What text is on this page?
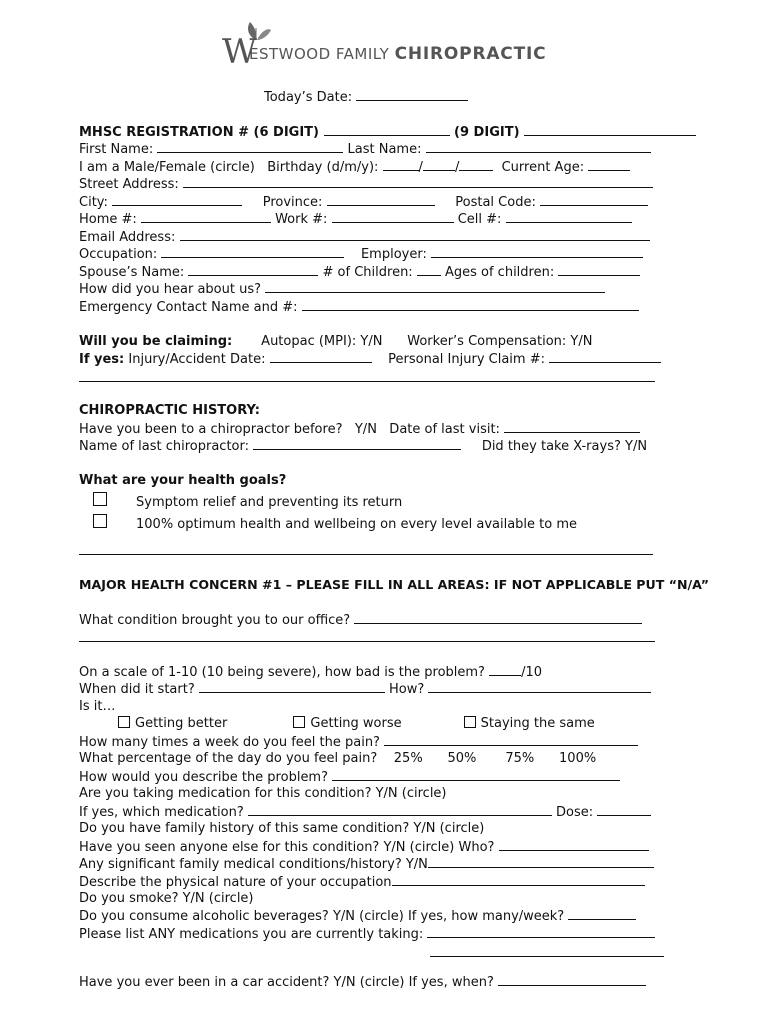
W
ESTWOOD FAMILY CHIROPRACTIC
Today’s Date:
MHSC REGISTRATION # (6 DIGIT)	(9 DIGIT)
First Name:	Last Name:
I am a Male/Female (circle)   Birthday (d/m/y):	/ /	Current Age:
Street Address:
City:	Province:	Postal Code:
Home #:	Work #:	Cell #:
Email Address:
Occupation:	Employer:
Spouse’s Name:	# of Children: Ages of children:
How did you hear about us?
Emergency Contact Name and #:
Will you be claiming: Autopac (MPI): Y/N Worker’s Compensation: Y/N
If yes: Injury/Accident Date:	Personal Injury Claim #:
CHIROPRACTIC HISTORY:
Have you been to a chiropractor before?   Y/N   Date of last visit:
Name of last chiropractor:	Did they take X-rays? Y/N
What are your health goals?
Symptom relief and preventing its return
100% optimum health and wellbeing on every level available to me
MAJOR HEALTH CONCERN #1 – PLEASE FILL IN ALL AREAS: IF NOT APPLICABLE PUT “N/A”
What condition brought you to our office?
On a scale of 1-10 (10 being severe), how bad is the problem?	/10
When did it start?	How?
Is it…
Getting better	Getting worse	Staying the same
How many times a week do you feel the pain?
What percentage of the day do you feel pain? 25% 50% 75% 100%
How would you describe the problem?
Are you taking medication for this condition? Y/N (circle)
If yes, which medication?	Dose:
Do you have family history of this same condition? Y/N (circle)
Have you seen anyone else for this condition? Y/N (circle) Who?
Any significant family medical conditions/history? Y/N
Describe the physical nature of your occupation
Do you smoke? Y/N (circle)
Do you consume alcoholic beverages? Y/N (circle) If yes, how many/week?
Please list ANY medications you are currently taking:
Have you ever been in a car accident? Y/N (circle) If yes, when?
